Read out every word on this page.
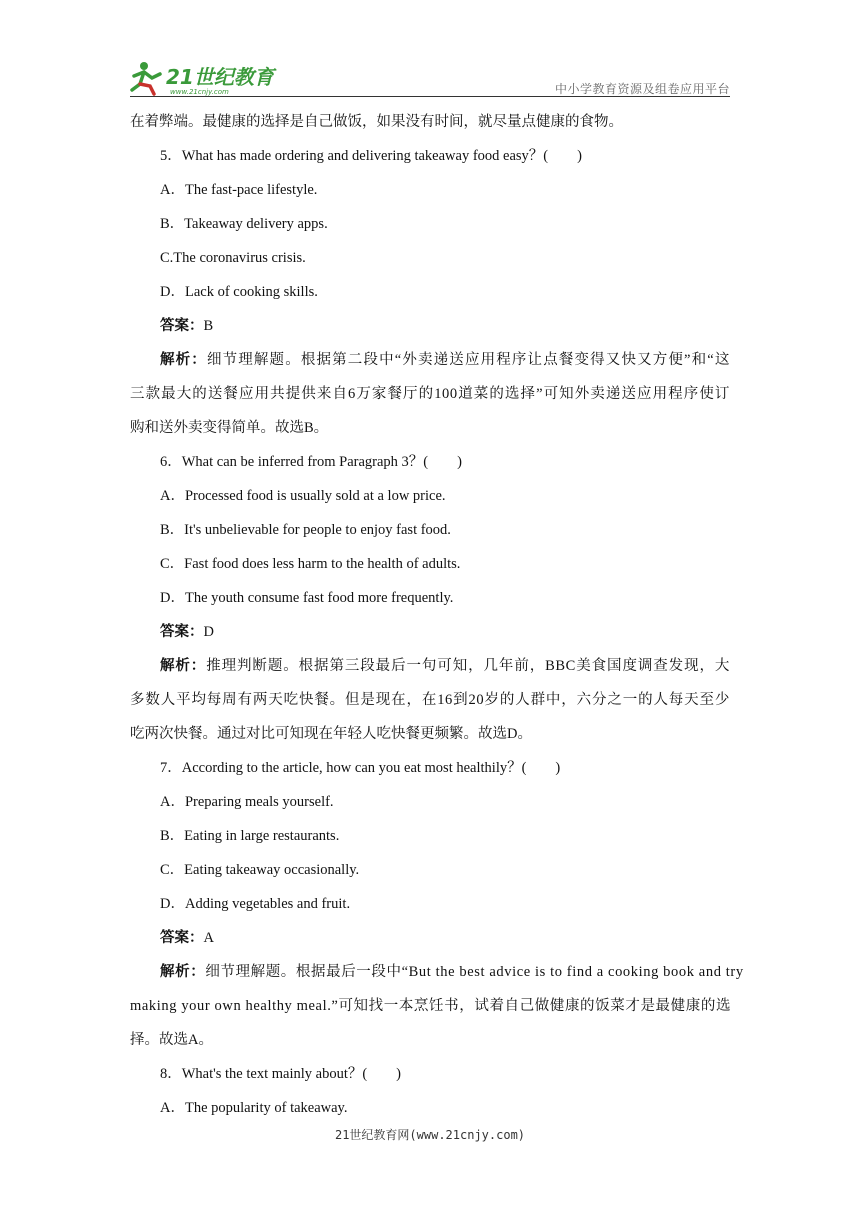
21世纪教育
www.21cnjy.com	中小学教育资源及组卷应用平台
在着弊端。最健康的选择是自己做饭，如果没有时间，就尽量点健康的食物。
5．What has made ordering and delivering takeaway food easy？(　　)
A．The fast-pace lifestyle.
B．Takeaway delivery apps.
C.The coronavirus crisis.
D．Lack of cooking skills.
答案：B
解析：细节理解题。根据第二段中“外卖递送应用程序让点餐变得又快又方便”和“这
三款最大的送餐应用共提供来自6万家餐厅的100道菜的选择”可知外卖递送应用程序使订
购和送外卖变得简单。故选B。
6．What can be inferred from Paragraph 3？(　　)
A．Processed food is usually sold at a low price.
B．It's unbelievable for people to enjoy fast food.
C．Fast food does less harm to the health of adults.
D．The youth consume fast food more frequently.
答案：D
解析：推理判断题。根据第三段最后一句可知，几年前，BBC美食国度调查发现，大
多数人平均每周有两天吃快餐。但是现在，在16到20岁的人群中，六分之一的人每天至少
吃两次快餐。通过对比可知现在年轻人吃快餐更频繁。故选D。
7．According to the article, how can you eat most healthily？(　　)
A．Preparing meals yourself.
B．Eating in large restaurants.
C．Eating takeaway occasionally.
D．Adding vegetables and fruit.
答案：A
解析：细节理解题。根据最后一段中“But the best advice is to find a cooking book and try
making your own healthy meal.”可知找一本烹饪书，试着自己做健康的饭菜才是最健康的选
择。故选A。
8．What's the text mainly about？(　　)
A．The popularity of takeaway.
21世纪教育网(www.21cnjy.com)
